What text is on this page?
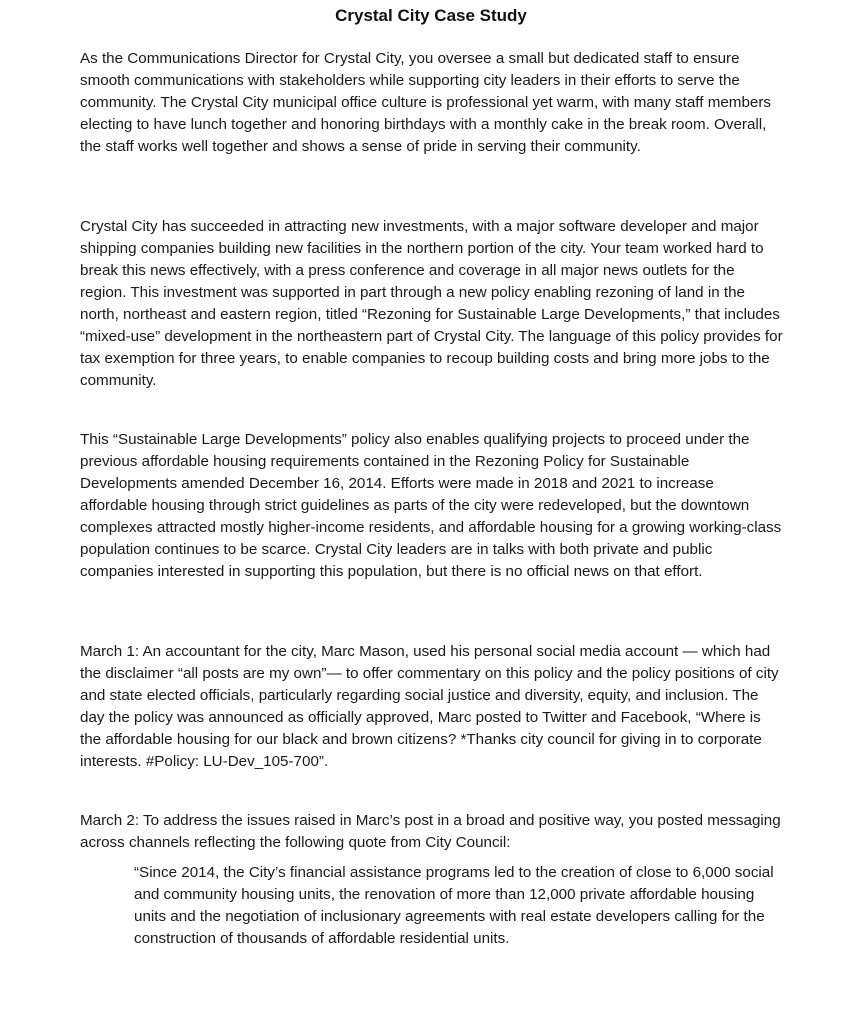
Crystal City Case Study

As the Communications Director for Crystal City, you oversee a small but dedicated staff to ensure smooth communications with stakeholders while supporting city leaders in their efforts to serve the community. The Crystal City municipal office culture is professional yet warm, with many staff members electing to have lunch together and honoring birthdays with a monthly cake in the break room. Overall, the staff works well together and shows a sense of pride in serving their community.

Crystal City has succeeded in attracting new investments, with a major software developer and major shipping companies building new facilities in the northern portion of the city. Your team worked hard to break this news effectively, with a press conference and coverage in all major news outlets for the region. This investment was supported in part through a new policy enabling rezoning of land in the north, northeast and eastern region, titled “Rezoning for Sustainable Large Developments,” that includes “mixed-use” development in the northeastern part of Crystal City. The language of this policy provides for tax exemption for three years, to enable companies to recoup building costs and bring more jobs to the community.

This “Sustainable Large Developments” policy also enables qualifying projects to proceed under the previous affordable housing requirements contained in the Rezoning Policy for Sustainable Developments amended December 16, 2014. Efforts were made in 2018 and 2021 to increase affordable housing through strict guidelines as parts of the city were redeveloped, but the downtown complexes attracted mostly higher-income residents, and affordable housing for a growing working-class population continues to be scarce. Crystal City leaders are in talks with both private and public companies interested in supporting this population, but there is no official news on that effort.

March 1: An accountant for the city, Marc Mason, used his personal social media account — which had the disclaimer “all posts are my own”— to offer commentary on this policy and the policy positions of city and state elected officials, particularly regarding social justice and diversity, equity, and inclusion. The day the policy was announced as officially approved, Marc posted to Twitter and Facebook, “Where is the affordable housing for our black and brown citizens? *Thanks city council for giving in to corporate interests. #Policy: LU-Dev_105-700”.

March 2: To address the issues raised in Marc’s post in a broad and positive way, you posted messaging across channels reflecting the following quote from City Council:

“Since 2014, the City’s financial assistance programs led to the creation of close to 6,000 social and community housing units, the renovation of more than 12,000 private affordable housing units and the negotiation of inclusionary agreements with real estate developers calling for the construction of thousands of affordable residential units.
